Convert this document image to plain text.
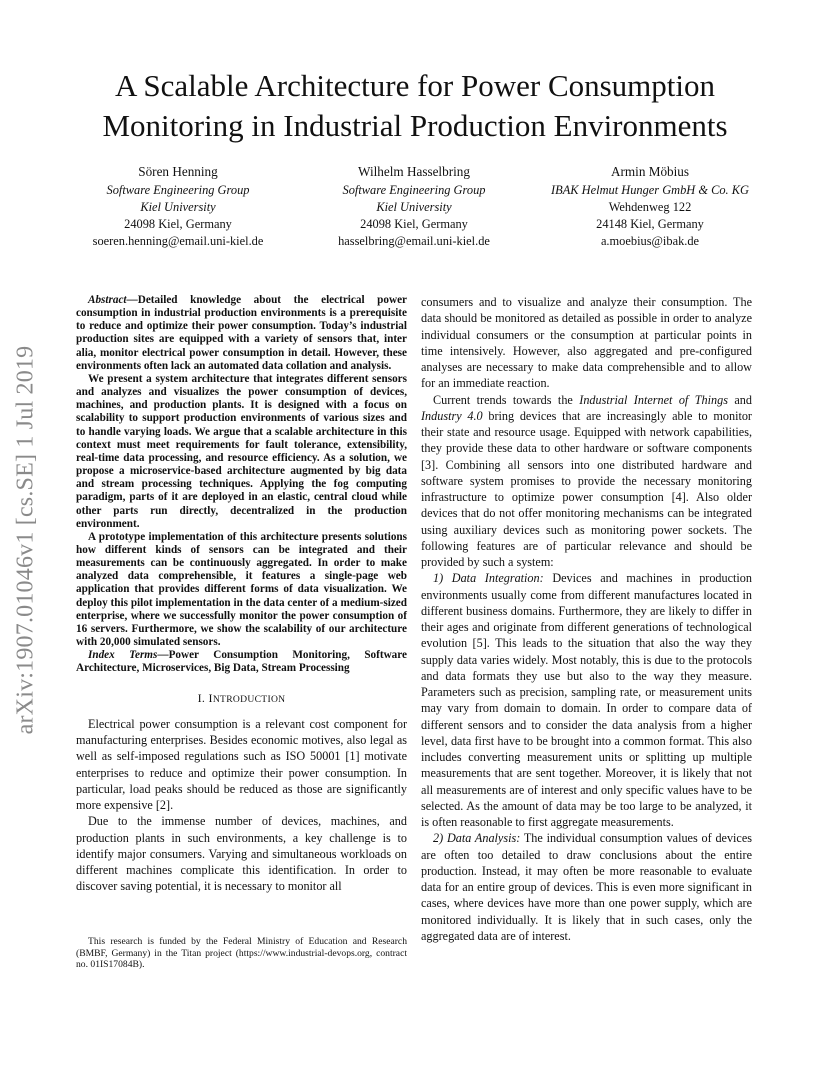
A Scalable Architecture for Power Consumption
Monitoring in Industrial Production Environments
Sören Henning
Software Engineering Group
Kiel University
24098 Kiel, Germany
soeren.henning@email.uni-kiel.de
Wilhelm Hasselbring
Software Engineering Group
Kiel University
24098 Kiel, Germany
hasselbring@email.uni-kiel.de
Armin Möbius
IBAK Helmut Hunger GmbH & Co. KG
Wehdenweg 122
24148 Kiel, Germany
a.moebius@ibak.de
arXiv:1907.01046v1 [cs.SE] 1 Jul 2019

Abstract—Detailed knowledge about the electrical power consumption in industrial production environments is a prerequisite to reduce and optimize their power consumption. Today’s industrial production sites are equipped with a variety of sensors that, inter alia, monitor electrical power consumption in detail. However, these environments often lack an automated data collation and analysis.

We present a system architecture that integrates different sensors and analyzes and visualizes the power consumption of devices, machines, and production plants. It is designed with a focus on scalability to support production environments of various sizes and to handle varying loads. We argue that a scalable architecture in this context must meet requirements for fault tolerance, extensibility, real-time data processing, and resource efficiency. As a solution, we propose a microservice-based architecture augmented by big data and stream processing techniques. Applying the fog computing paradigm, parts of it are deployed in an elastic, central cloud while other parts run directly, decentralized in the production environment.

A prototype implementation of this architecture presents solutions how different kinds of sensors can be integrated and their measurements can be continuously aggregated. In order to make analyzed data comprehensible, it features a single-page web application that provides different forms of data visualization. We deploy this pilot implementation in the data center of a medium-sized enterprise, where we successfully monitor the power consumption of 16 servers. Furthermore, we show the scalability of our architecture with 20,000 simulated sensors.

Index Terms—Power Consumption Monitoring, Software Architecture, Microservices, Big Data, Stream Processing

I. INTRODUCTION

Electrical power consumption is a relevant cost component for manufacturing enterprises. Besides economic motives, also legal as well as self-imposed regulations such as ISO 50001 [1] motivate enterprises to reduce and optimize their power consumption. In particular, load peaks should be reduced as those are significantly more expensive [2].

Due to the immense number of devices, machines, and production plants in such environments, a key challenge is to identify major consumers. Varying and simultaneous workloads on different machines complicate this identification. In order to discover saving potential, it is necessary to monitor all

This research is funded by the Federal Ministry of Education and Research (BMBF, Germany) in the Titan project (https://www.industrial-devops.org, contract no. 01IS17084B).

consumers and to visualize and analyze their consumption. The data should be monitored as detailed as possible in order to analyze individual consumers or the consumption at particular points in time intensively. However, also aggregated and pre-configured analyses are necessary to make data comprehensible and to allow for an immediate reaction.

Current trends towards the Industrial Internet of Things and Industry 4.0 bring devices that are increasingly able to monitor their state and resource usage. Equipped with network capabilities, they provide these data to other hardware or software components [3]. Combining all sensors into one distributed hardware and software system promises to provide the necessary monitoring infrastructure to optimize power consumption [4]. Also older devices that do not offer monitoring mechanisms can be integrated using auxiliary devices such as monitoring power sockets. The following features are of particular relevance and should be provided by such a system:

1) Data Integration: Devices and machines in production environments usually come from different manufactures located in different business domains. Furthermore, they are likely to differ in their ages and originate from different generations of technological evolution [5]. This leads to the situation that also the way they supply data varies widely. Most notably, this is due to the protocols and data formats they use but also to the way they measure. Parameters such as precision, sampling rate, or measurement units may vary from domain to domain. In order to compare data of different sensors and to consider the data analysis from a higher level, data first have to be brought into a common format. This also includes converting measurement units or splitting up multiple measurements that are sent together. Moreover, it is likely that not all measurements are of interest and only specific values have to be selected. As the amount of data may be too large to be analyzed, it is often reasonable to first aggregate measurements.

2) Data Analysis: The individual consumption values of devices are often too detailed to draw conclusions about the entire production. Instead, it may often be more reasonable to evaluate data for an entire group of devices. This is even more significant in cases, where devices have more than one power supply, which are monitored individually. It is likely that in such cases, only the aggregated data are of interest.
